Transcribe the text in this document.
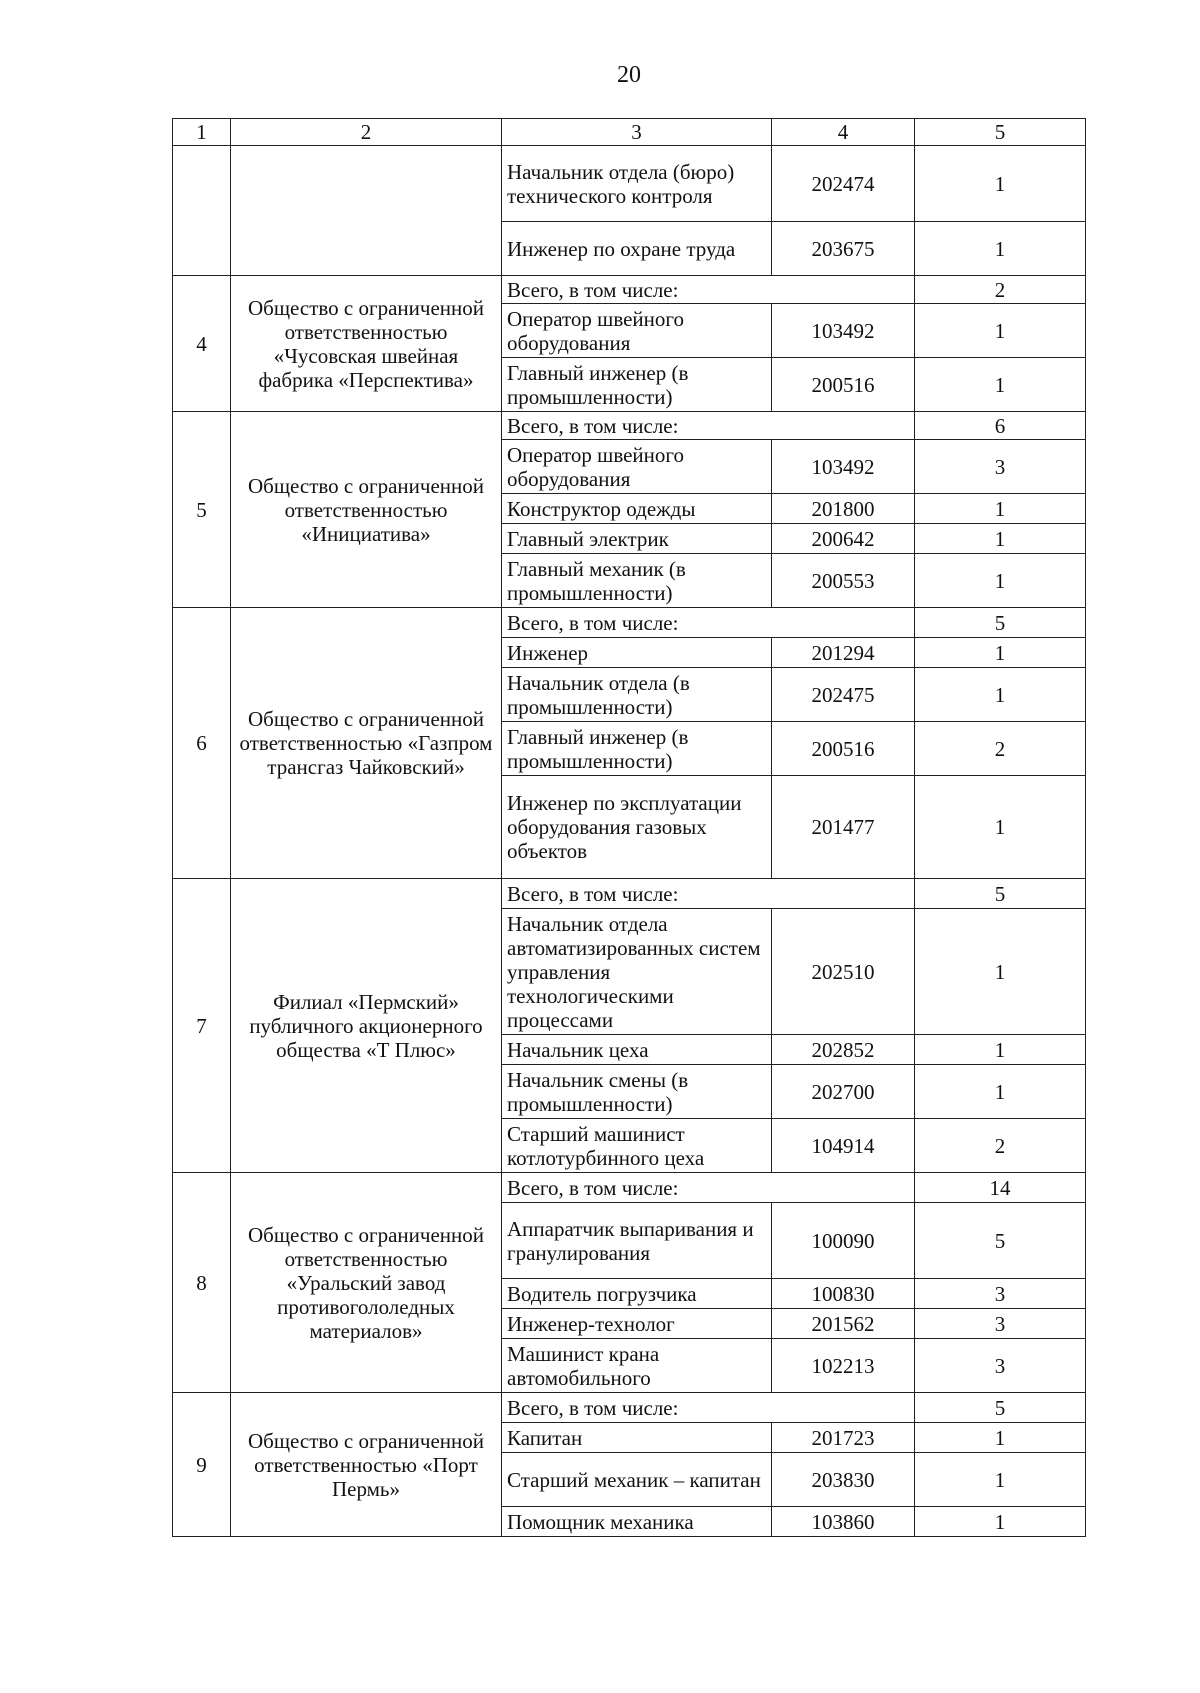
20
1	2	3	4	5
		Начальник отдела (бюро) технического контроля	202474	1
		Инженер по охране труда	203675	1
4	Общество с ограниченной ответственностью «Чусовская швейная фабрика «Перспектива»	Всего, в том числе:		2
		Оператор швейного оборудования	103492	1
		Главный инженер (в промышленности)	200516	1
5	Общество с ограниченной ответственностью «Инициатива»	Всего, в том числе:		6
		Оператор швейного оборудования	103492	3
		Конструктор одежды	201800	1
		Главный электрик	200642	1
		Главный механик (в промышленности)	200553	1
6	Общество с ограниченной ответственностью «Газпром трансгаз Чайковский»	Всего, в том числе:		5
		Инженер	201294	1
		Начальник отдела (в промышленности)	202475	1
		Главный инженер (в промышленности)	200516	2
		Инженер по эксплуатации оборудования газовых объектов	201477	1
7	Филиал «Пермский» публичного акционерного общества «Т Плюс»	Всего, в том числе:		5
		Начальник отдела автоматизированных систем управления технологическими процессами	202510	1
		Начальник цеха	202852	1
		Начальник смены (в промышленности)	202700	1
		Старший машинист котлотурбинного цеха	104914	2
8	Общество с ограниченной ответственностью «Уральский завод противогололедных материалов»	Всего, в том числе:		14
		Аппаратчик выпаривания и гранулирования	100090	5
		Водитель погрузчика	100830	3
		Инженер-технолог	201562	3
		Машинист крана автомобильного	102213	3
9	Общество с ограниченной ответственностью «Порт Пермь»	Всего, в том числе:		5
		Капитан	201723	1
		Старший механик – капитан	203830	1
		Помощник механика	103860	1
